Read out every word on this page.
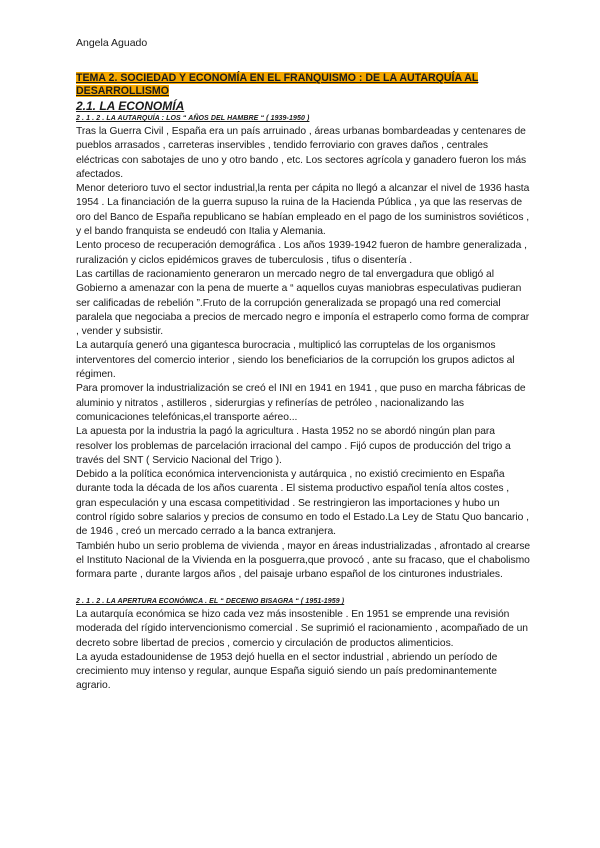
Angela Aguado
TEMA 2. SOCIEDAD Y ECONOMÍA EN EL FRANQUISMO : DE LA AUTARQUÍA AL DESARROLLISMO
2.1. LA ECONOMÍA
2 . 1 . 2 . LA AUTARQUÍA : LOS “ AÑOS DEL HAMBRE “ ( 1939-1950 )

Tras la Guerra Civil , España era un país arruinado , áreas urbanas bombardeadas y centenares de pueblos arrasados , carreteras inservibles , tendido ferroviario con graves daños , centrales eléctricas con sabotajes de uno y otro bando , etc. Los sectores agrícola y ganadero fueron los más afectados.

Menor deterioro tuvo el sector industrial,la renta per cápita no llegó a alcanzar el nivel de 1936 hasta 1954 . La financiación de la guerra supuso la ruina de la Hacienda Pública , ya que las reservas de oro del Banco de España republicano se habían empleado en el pago de los suministros soviéticos , y el bando franquista se endeudó con Italia y Alemania.

Lento proceso de recuperación demográfica . Los años 1939-1942 fueron de hambre generalizada , ruralización y ciclos epidémicos graves de tuberculosis , tifus o disentería .

Las cartillas de racionamiento generaron un mercado negro de tal envergadura que obligó al Gobierno a amenazar con la pena de muerte a “ aquellos cuyas maniobras especulativas pudieran ser calificadas de rebelión ”.Fruto de la corrupción generalizada se propagó una red comercial paralela que negociaba a precios de mercado negro e imponía el estraperlo como forma de comprar , vender y subsistir.

La autarquía generó una gigantesca burocracia , multiplicó las corruptelas de los organismos interventores del comercio interior , siendo los beneficiarios de la corrupción los grupos adictos al régimen.

Para promover la industrialización se creó el INI en 1941 en 1941 , que puso en marcha fábricas de aluminio y nitratos , astilleros , siderurgias y refinerías de petróleo , nacionalizando las comunicaciones telefónicas,el transporte aéreo...

La apuesta por la industria la pagó la agricultura . Hasta 1952 no se abordó ningún plan para resolver los problemas de parcelación irracional del campo . Fijó cupos de producción del trigo a través del SNT ( Servicio Nacional del Trigo ).

Debido a la política económica intervencionista y autárquica , no existió crecimiento en España durante toda la década de los años cuarenta . El sistema productivo español tenía altos costes , gran especulación y una escasa competitividad . Se restringieron las importaciones y hubo un control rígido sobre salarios y precios de consumo en todo el Estado.La Ley de Statu Quo bancario , de 1946 , creó un mercado cerrado a la banca extranjera.

También hubo un serio problema de vivienda , mayor en áreas industrializadas , afrontado al crearse el Instituto Nacional de la Vivienda en la posguerra,que provocó , ante su fracaso, que el chabolismo formara parte , durante largos años , del paisaje urbano español de los cinturones industriales.

2 . 1 . 2 . LA APERTURA ECONÓMICA . EL “ DECENIO BISAGRA “ ( 1951-1959 )

La autarquía económica se hizo cada vez más insostenible . En 1951 se emprende una revisión moderada del rígido intervencionismo comercial . Se suprimió el racionamiento , acompañado de un decreto sobre libertad de precios , comercio y circulación de productos alimenticios.

La ayuda estadounidense de 1953 dejó huella en el sector industrial , abriendo un período de crecimiento muy intenso y regular, aunque España siguió siendo un país predominantemente agrario.
